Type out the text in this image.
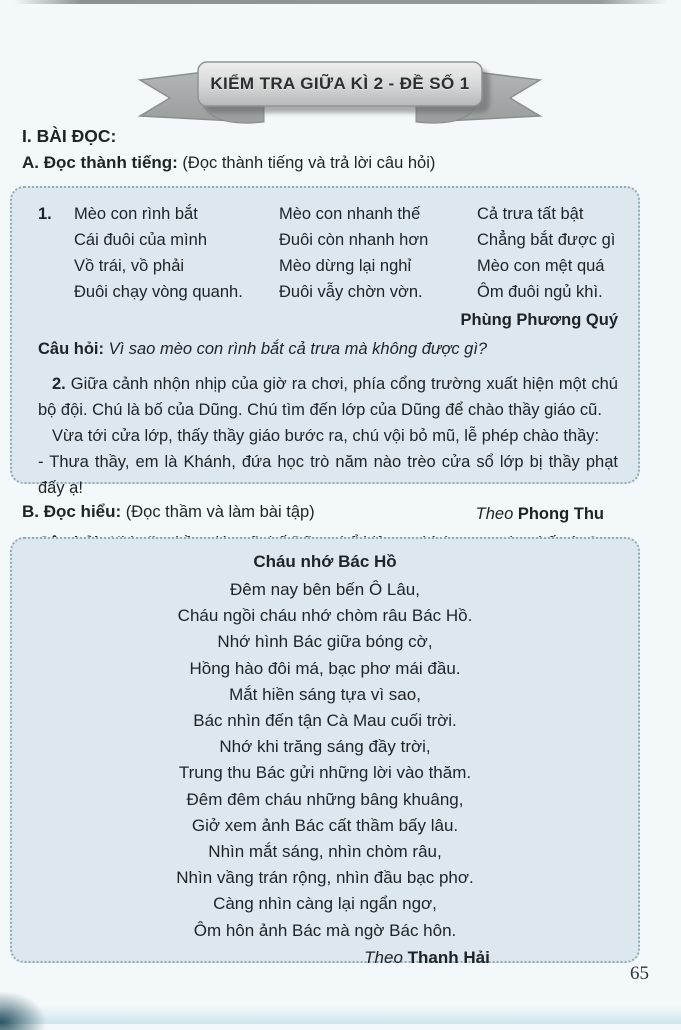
KIỂM TRA GIỮA KÌ 2 - ĐỀ SỐ 1
I. BÀI ĐỌC:
A. Đọc thành tiếng: (Đọc thành tiếng và trả lời câu hỏi)
1.	Mèo con rình bắt
Cái đuôi của mình
Vồ trái, vồ phải
Đuôi chạy vòng quanh.
Mèo con nhanh thế
Đuôi còn nhanh hơn
Mèo dừng lại nghỉ
Đuôi vẫy chờn vờn.
Cả trưa tất bật
Chẳng bắt được gì
Mèo con mệt quá
Ôm đuôi ngủ khì.
Phùng Phương Quý
Câu hỏi: Vì sao mèo con rình bắt cả trưa mà không được gì?
2. Giữa cảnh nhộn nhịp của giờ ra chơi, phía cổng trường xuất hiện một chú bộ đội. Chú là bố của Dũng. Chú tìm đến lớp của Dũng để chào thầy giáo cũ.
Vừa tới cửa lớp, thấy thầy giáo bước ra, chú vội bỏ mũ, lễ phép chào thầy:
- Thưa thầy, em là Khánh, đứa học trò năm nào trèo cửa sổ lớp bị thầy phạt đấy ạ!
Theo Phong Thu
B. Đọc hiểu: (Đọc thầm và làm bài tập)
Cháu nhớ Bác Hồ
Đêm nay bên bến Ô Lâu,
Cháu ngồi cháu nhớ chòm râu Bác Hồ.
Nhớ hình Bác giữa bóng cờ,
Hồng hào đôi má, bạc phơ mái đầu.
Mắt hiền sáng tựa vì sao,
Bác nhìn đến tận Cà Mau cuối trời.
Nhớ khi trăng sáng đầy trời,
Trung thu Bác gửi những lời vào thăm.
Đêm đêm cháu những bâng khuâng,
Giở xem ảnh Bác cất thầm bấy lâu.
Nhìn mắt sáng, nhìn chòm râu,
Nhìn vầng trán rộng, nhìn đầu bạc phơ.
Càng nhìn càng lại ngẩn ngơ,
Ôm hôn ảnh Bác mà ngờ Bác hôn.
Theo Thanh Hải
65
